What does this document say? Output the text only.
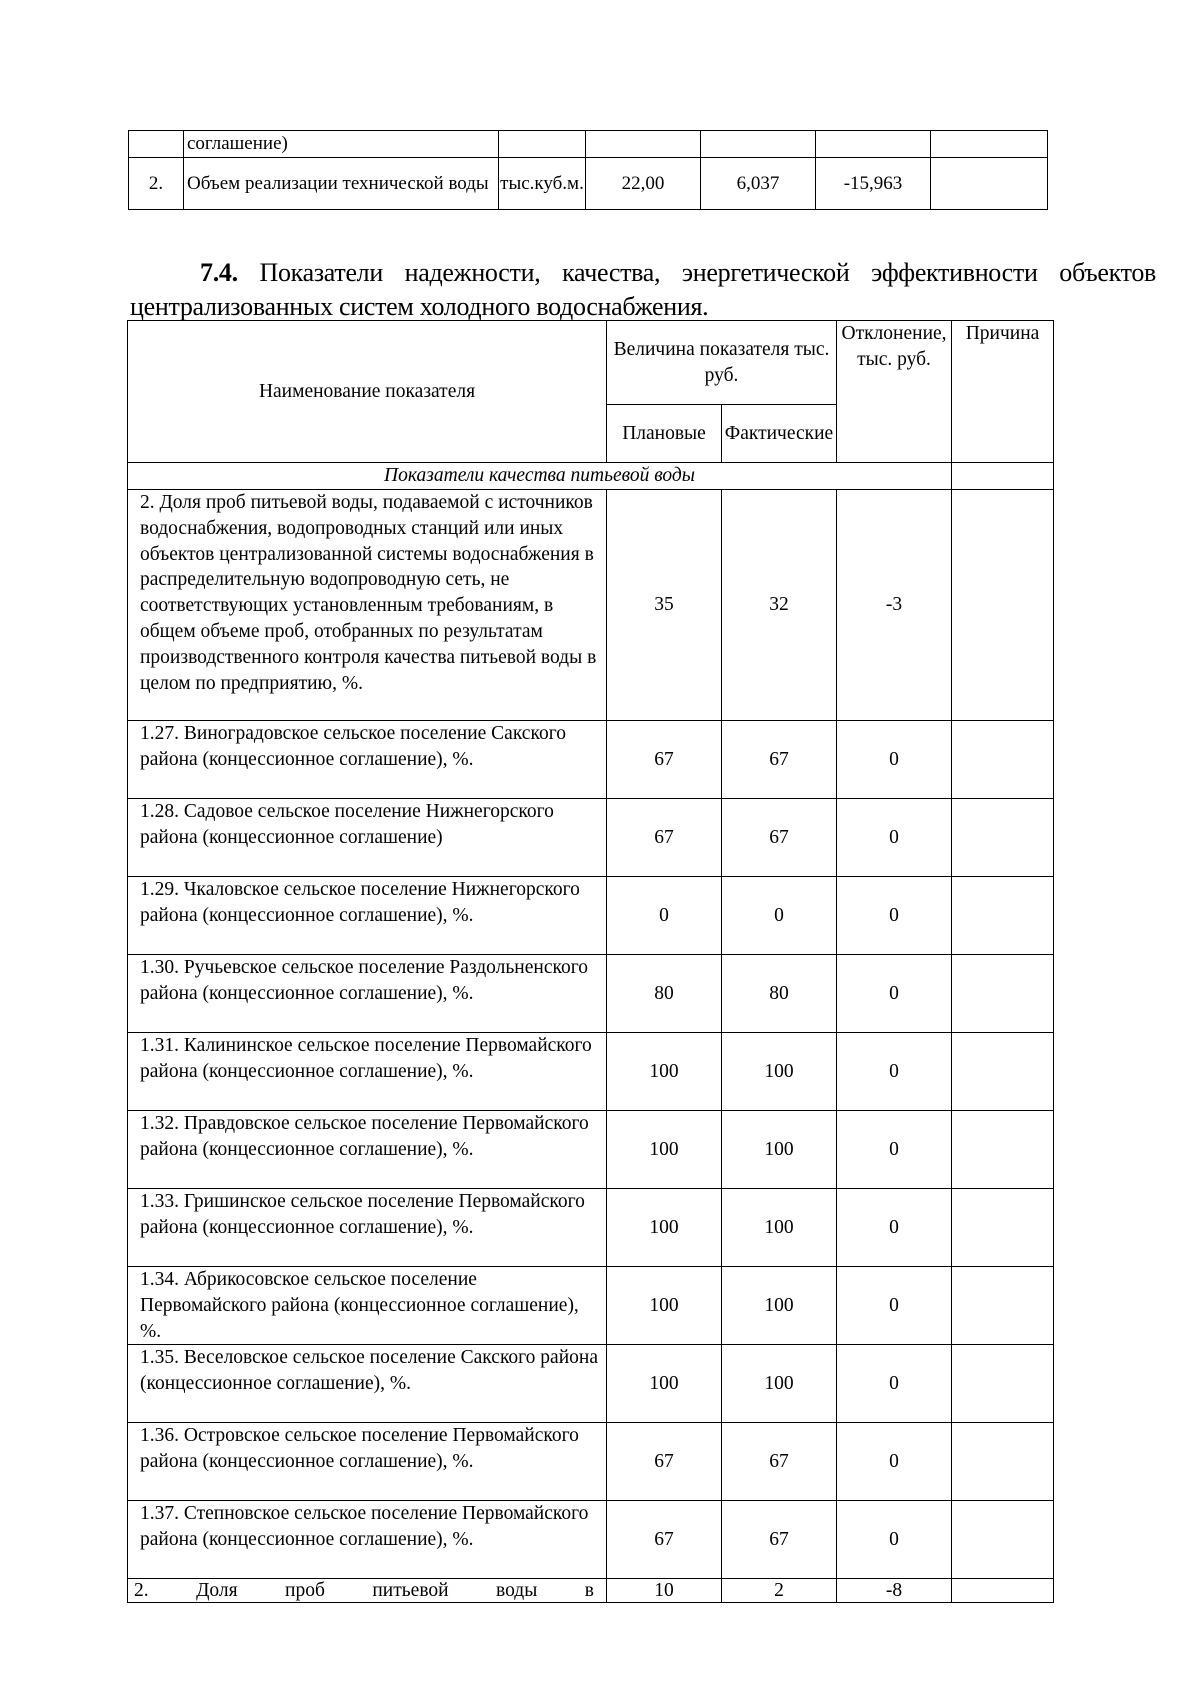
	соглашение)					
2.	Объем реализации технической воды	тыс.куб.м.	22,00	6,037	-15,963	
7.4. Показатели надежности, качества, энергетической эффективности объектов централизованных систем холодного водоснабжения.
Наименование показателя	Величина показателя тыс. руб.		Отклонение, тыс. руб.	Причина
	Плановые	Фактические		
Показатели качества питьевой воды				
2. Доля проб питьевой воды, подаваемой с источников водоснабжения, водопроводных станций или иных объектов централизованной системы водоснабжения в распределительную водопроводную сеть, не соответствующих установленным требованиям, в общем объеме проб, отобранных по результатам производственного контроля качества питьевой воды в целом по предприятию, %.	35	32	-3	
1.27. Виноградовское сельское поселение Сакского района (концессионное соглашение), %.	67	67	0	
1.28. Садовое сельское поселение Нижнегорского района (концессионное соглашение)	67	67	0	
1.29. Чкаловское сельское поселение Нижнегорского района (концессионное соглашение), %.	0	0	0	
1.30. Ручьевское сельское поселение Раздольненского района (концессионное соглашение), %.	80	80	0	
1.31. Калининское сельское поселение Первомайского района (концессионное соглашение), %.	100	100	0	
1.32. Правдовское сельское поселение Первомайского района (концессионное соглашение), %.	100	100	0	
1.33. Гришинское сельское поселение Первомайского района (концессионное соглашение), %.	100	100	0	
1.34. Абрикосовское сельское поселение Первомайского района (концессионное соглашение), %.	100	100	0	
1.35. Веселовское сельское поселение Сакского района (концессионное соглашение), %.	100	100	0	
1.36. Островское сельское поселение Первомайского района (концессионное соглашение), %.	67	67	0	
1.37. Степновское сельское поселение Первомайского района (концессионное соглашение), %.	67	67	0	
2. Доля проб питьевой воды в	10	2	-8	
